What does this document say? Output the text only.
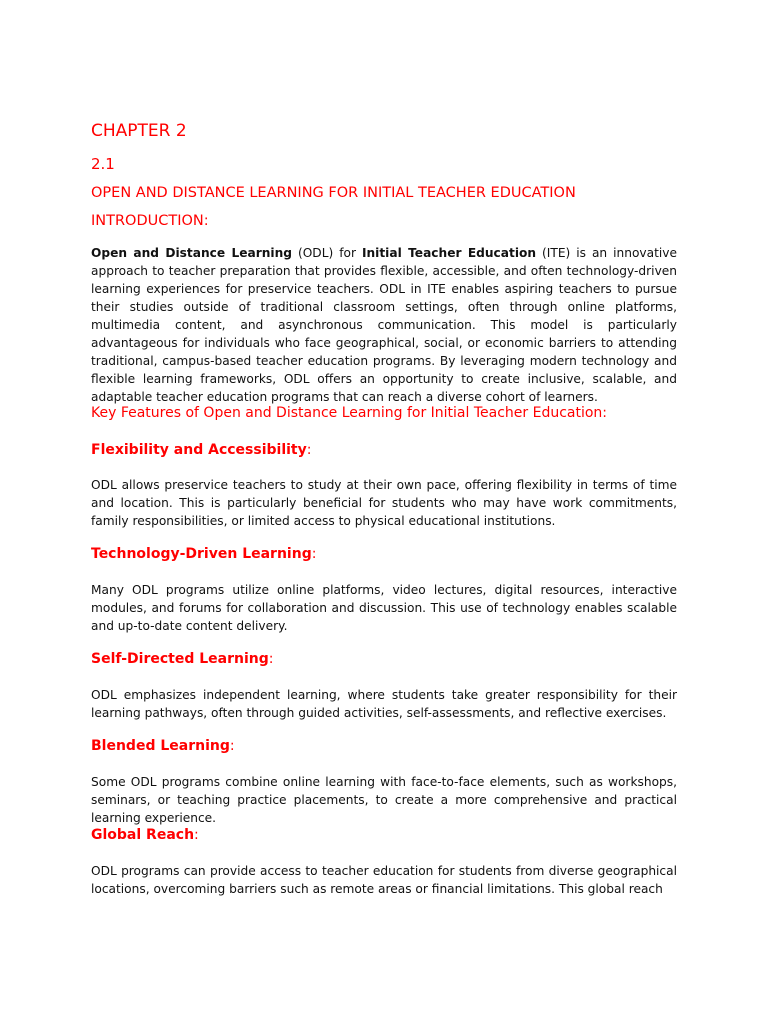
CHAPTER 2
2.1
OPEN AND DISTANCE LEARNING FOR INITIAL TEACHER EDUCATION
INTRODUCTION:

Open and Distance Learning (ODL) for Initial Teacher Education (ITE) is an innovative approach to teacher preparation that provides flexible, accessible, and often technology-driven learning experiences for preservice teachers. ODL in ITE enables aspiring teachers to pursue their studies outside of traditional classroom settings, often through online platforms, multimedia content, and asynchronous communication. This model is particularly advantageous for individuals who face geographical, social, or economic barriers to attending traditional, campus-based teacher education programs. By leveraging modern technology and flexible learning frameworks, ODL offers an opportunity to create inclusive, scalable, and adaptable teacher education programs that can reach a diverse cohort of learners.

Key Features of Open and Distance Learning for Initial Teacher Education:
Flexibility and Accessibility:

ODL allows preservice teachers to study at their own pace, offering flexibility in terms of time and location. This is particularly beneficial for students who may have work commitments, family responsibilities, or limited access to physical educational institutions.

Technology-Driven Learning:

Many ODL programs utilize online platforms, video lectures, digital resources, interactive modules, and forums for collaboration and discussion. This use of technology enables scalable and up-to-date content delivery.

Self-Directed Learning:

ODL emphasizes independent learning, where students take greater responsibility for their learning pathways, often through guided activities, self-assessments, and reflective exercises.

Blended Learning:

Some ODL programs combine online learning with face-to-face elements, such as workshops, seminars, or teaching practice placements, to create a more comprehensive and practical learning experience.

Global Reach:

ODL programs can provide access to teacher education for students from diverse geographical locations, overcoming barriers such as remote areas or financial limitations. This global reach
